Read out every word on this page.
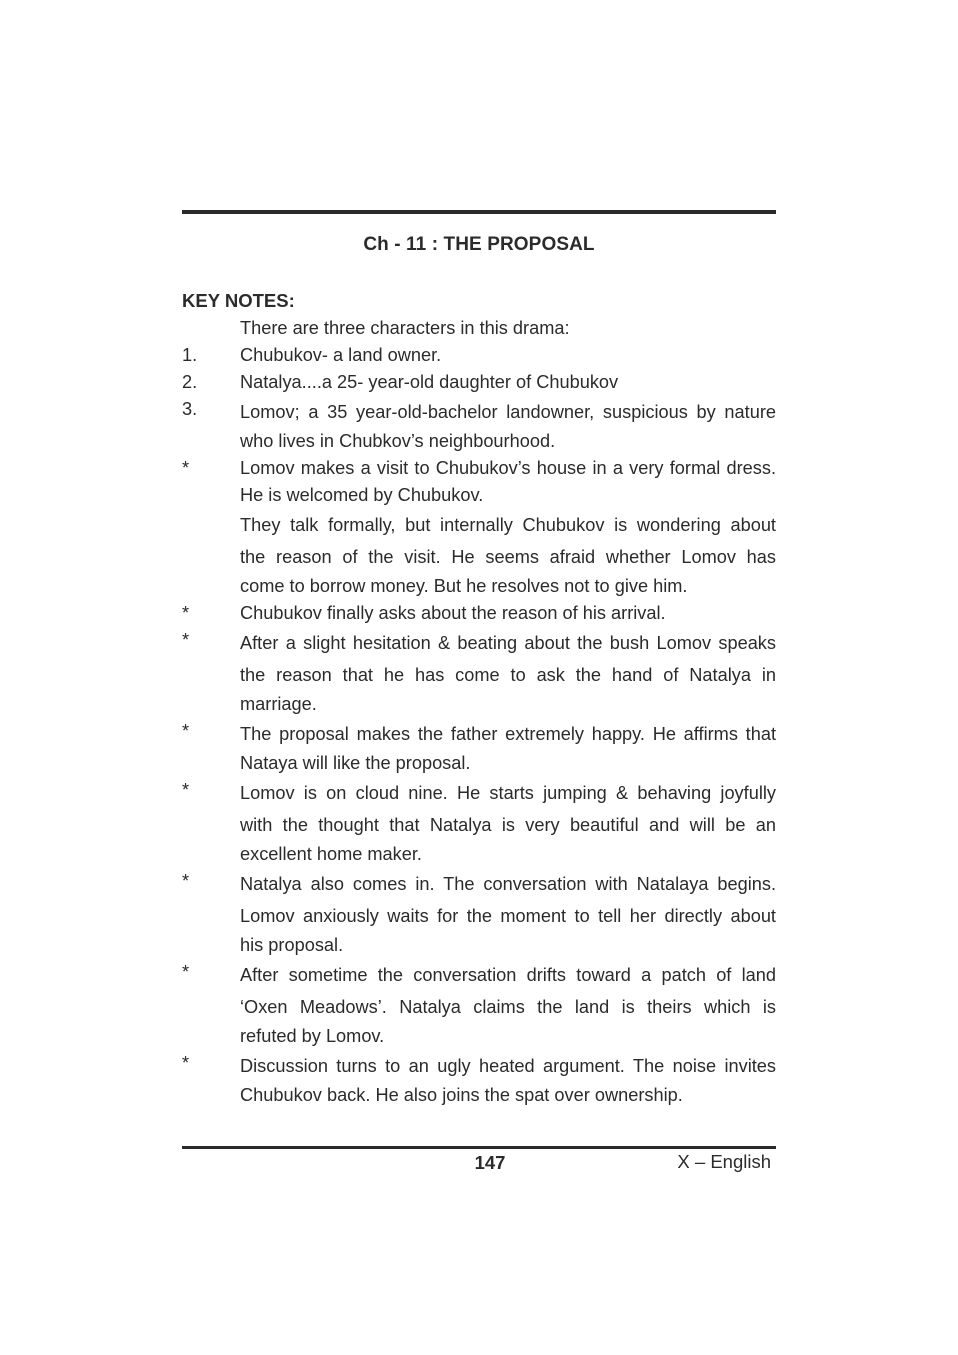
Ch - 11 : THE PROPOSAL
KEY NOTES:
There are three characters in this drama:
1.	Chubukov- a land owner.
2.	Natalya....a 25- year-old daughter of Chubukov
3.	Lomov; a 35 year-old-bachelor landowner, suspicious by nature
who lives in Chubkov’s neighbourhood.
*	Lomov makes a visit to Chubukov’s house in a very formal dress.
He is welcomed by Chubukov.
They talk formally, but internally Chubukov is wondering about
the reason of the visit. He seems afraid whether Lomov has
come to borrow money. But he resolves not to give him.
*	Chubukov finally asks about the reason of his arrival.
*	After a slight hesitation & beating about the bush Lomov speaks
the reason that he has come to ask the hand of Natalya in
marriage.
*	The proposal makes the father extremely happy. He affirms that
Nataya will like the proposal.
*	Lomov is on cloud nine. He starts jumping & behaving joyfully
with the thought that Natalya is very beautiful and will be an
excellent home maker.
*	Natalya also comes in. The conversation with Natalaya begins.
Lomov anxiously waits for the moment to tell her directly about
his proposal.
*	After sometime the conversation drifts toward a patch of land
‘Oxen Meadows’. Natalya claims the land is theirs which is
refuted by Lomov.
*	Discussion turns to an ugly heated argument. The noise invites
Chubukov back. He also joins the spat over ownership.
147	X – English
